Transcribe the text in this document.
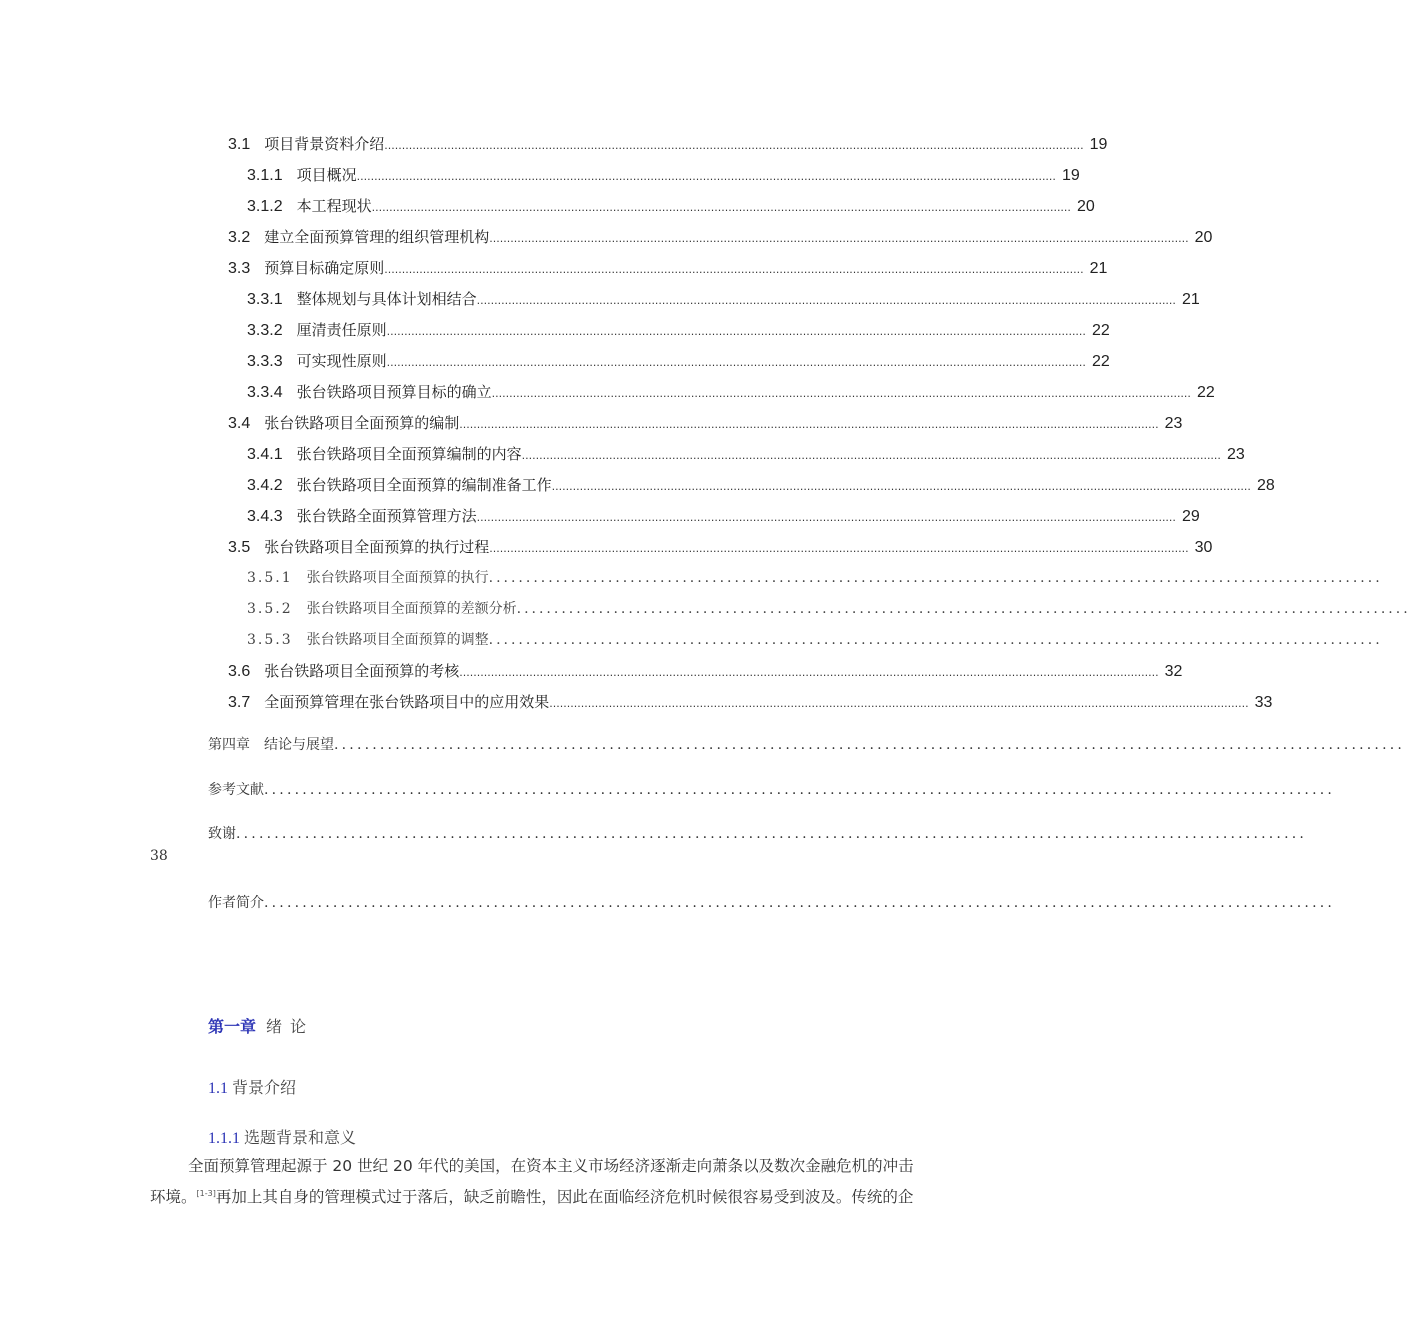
3.1 项目背景资料介绍 ........................................................................................................................................................................................................ 19
3.1.1 项目概况 ........................................................................................................................................................................................................ 19
3.1.2 本工程现状 ........................................................................................................................................................................................................ 20
3.2 建立全面预算管理的组织管理机构 ........................................................................................................................................................................................................ 20
3.3 预算目标确定原则 ........................................................................................................................................................................................................ 21
3.3.1 整体规划与具体计划相结合 ........................................................................................................................................................................................................ 21
3.3.2 厘清责任原则 ........................................................................................................................................................................................................ 22
3.3.3 可实现性原则 ........................................................................................................................................................................................................ 22
3.3.4 张台铁路项目预算目标的确立 ........................................................................................................................................................................................................ 22
3.4 张台铁路项目全面预算的编制 ........................................................................................................................................................................................................ 23
3.4.1 张台铁路项目全面预算编制的内容 ........................................................................................................................................................................................................ 23
3.4.2 张台铁路项目全面预算的编制准备工作 ........................................................................................................................................................................................................ 28
3.4.3 张台铁路全面预算管理方法 ........................................................................................................................................................................................................ 29
3.5 张台铁路项目全面预算的执行过程 ........................................................................................................................................................................................................ 30
3.5.1 张台铁路项目全面预算的执行........................................................................................................................
3.5.2 张台铁路项目全面预算的差额分析........................................................................................................................
3.5.3 张台铁路项目全面预算的调整........................................................................................................................
3.6 张台铁路项目全面预算的考核 ........................................................................................................................................................................................................ 32
3.7 全面预算管理在张台铁路项目中的应用效果 ........................................................................................................................................................................................................ 33
第四章　结论与展望............................................................................................................................................
参考文献............................................................................................................................................
致谢............................................................................................................................................
作者简介............................................................................................................................................
38
第一章 绪论
1.1 背景介绍
1.1.1 选题背景和意义
全面预算管理起源于 20 世纪 20 年代的美国，在资本主义市场经济逐渐走向萧条以及数次金融危机的冲击
环境。[1-3]再加上其自身的管理模式过于落后，缺乏前瞻性，因此在面临经济危机时候很容易受到波及。传统的企
